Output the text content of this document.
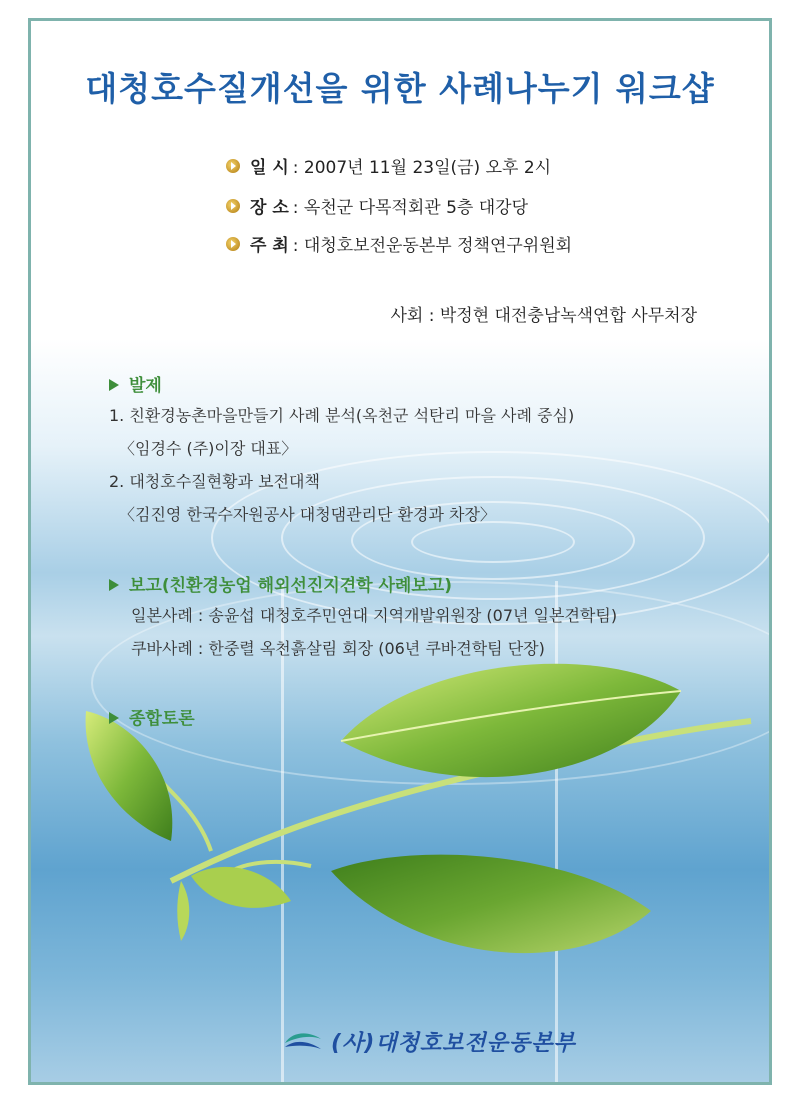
대청호수질개선을 위한 사례나누기 워크샵
일 시 : 2007년 11월 23일(금) 오후 2시
장 소 : 옥천군 다목적회관 5층 대강당
주 최 : 대청호보전운동본부 정책연구위원회
사회 : 박정현 대전충남녹색연합 사무처장
발제
1. 친환경농촌마을만들기 사례 분석(옥천군 석탄리 마을 사례 중심)
〈임경수 (주)이장 대표〉
2. 대청호수질현황과 보전대책
〈김진영 한국수자원공사 대청댐관리단 환경과 차장〉
보고(친환경농업 해외선진지견학 사례보고)
일본사례 : 송윤섭 대청호주민연대 지역개발위원장 (07년 일본견학팀)
쿠바사례 : 한중렬 옥천흙살림 회장 (06년 쿠바견학팀 단장)
종합토론
(사)대청호보전운동본부
